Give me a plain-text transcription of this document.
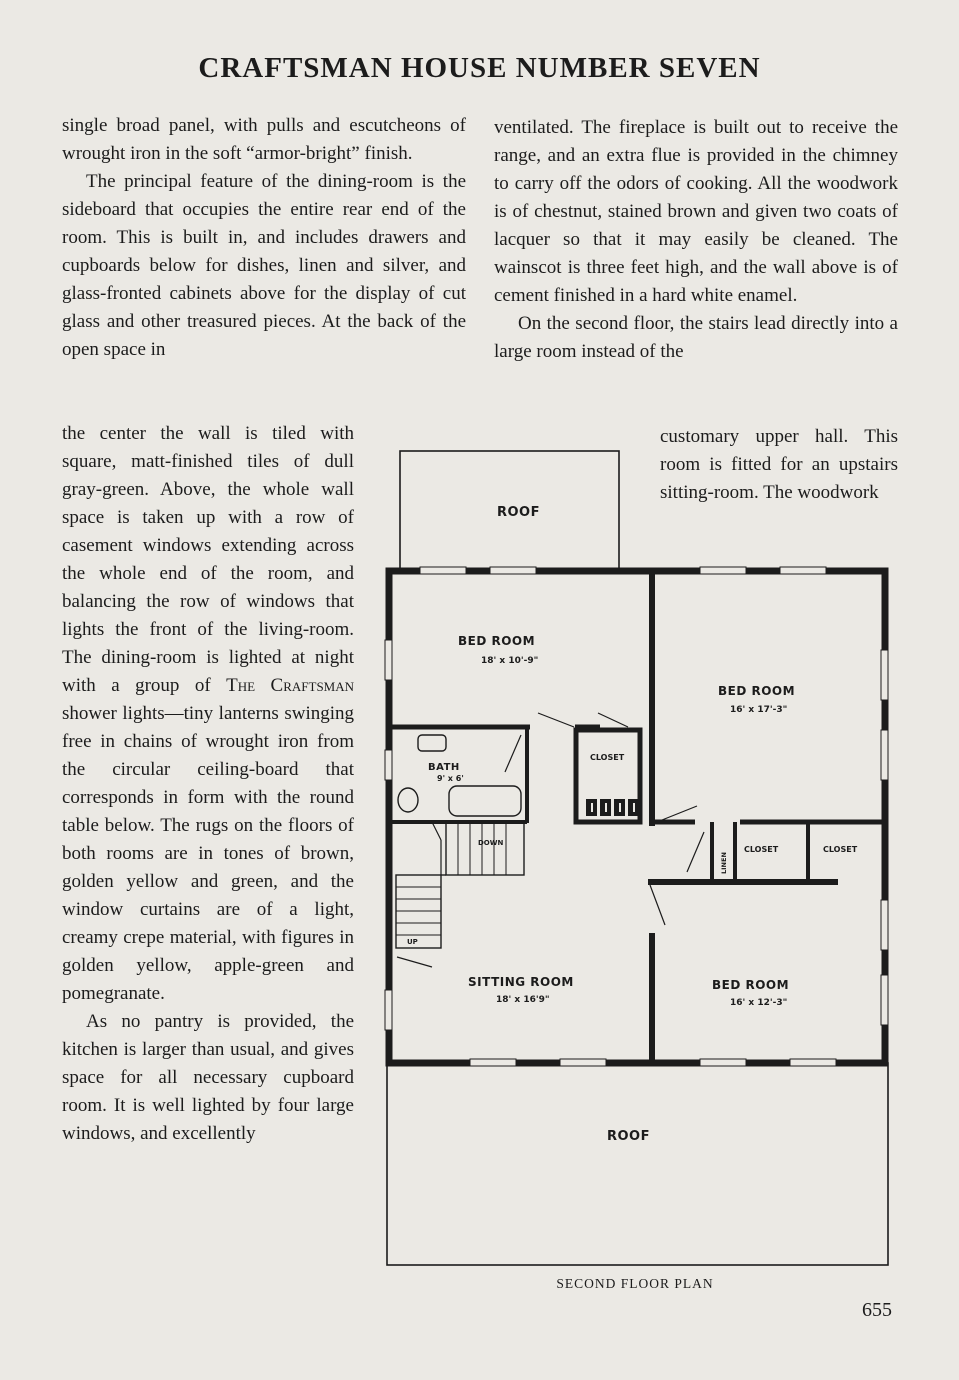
CRAFTSMAN HOUSE NUMBER SEVEN

single broad panel, with pulls and escutcheons of wrought iron in the soft “armor-bright” finish.

The principal feature of the dining-room is the sideboard that occupies the entire rear end of the room. This is built in, and includes drawers and cupboards below for dishes, linen and silver, and glass-fronted cabinets above for the display of cut glass and other treasured pieces. At the back of the open space in

ventilated. The fireplace is built out to receive the range, and an extra flue is provided in the chimney to carry off the odors of cooking. All the woodwork is of chestnut, stained brown and given two coats of lacquer so that it may easily be cleaned. The wainscot is three feet high, and the wall above is of cement finished in a hard white enamel.

On the second floor, the stairs lead directly into a large room instead of the

customary upper hall. This room is fitted for an upstairs sitting-room. The woodwork

the center the wall is tiled with square, matt-finished tiles of dull gray-green. Above, the whole wall space is taken up with a row of casement windows extending across the whole end of the room, and balancing the row of windows that lights the front of the living-room. The dining-room is lighted at night with a group of The Craftsman shower lights—tiny lanterns swinging free in chains of wrought iron from the circular ceiling-board that corresponds in form with the round table below. The rugs on the floors of both rooms are in tones of brown, golden yellow and green, and the window curtains are of a light, creamy crepe material, with figures in golden yellow, apple-green and pomegranate.

As no pantry is provided, the kitchen is larger than usual, and gives space for all necessary cupboard room. It is well lighted by four large windows, and excellently

ROOF
BED ROOM
18' x 10'-9"
BED ROOM
16' x 17'-3"
BATH
9' x 6'
CLOSET
LINEN
CLOSET	CLOSET
DOWN
UP
SITTING ROOM
18' x 16'9"
BED ROOM
16' x 12'-3"
ROOF
SECOND FLOOR PLAN
655
